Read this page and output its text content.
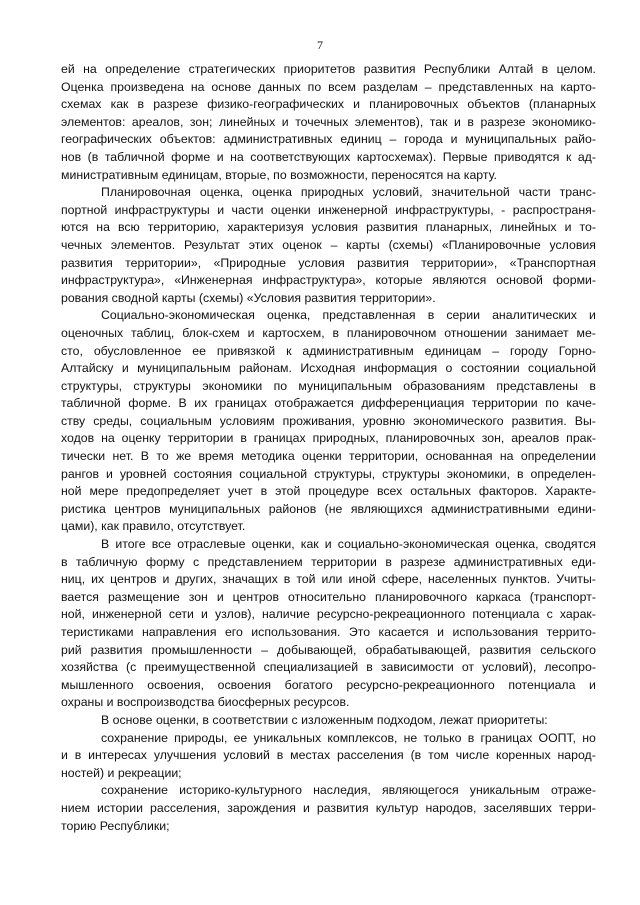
7
ей на определение стратегических приоритетов развития Республики Алтай в целом.
Оценка произведена на основе данных по всем разделам – представленных на карто-
схемах как в разрезе физико-географических и планировочных объектов (планарных
элементов: ареалов, зон; линейных и точечных элементов), так и в разрезе экономико-
географических объектов: административных единиц – города и муниципальных райо-
нов (в табличной форме и на соответствующих картосхемах). Первые приводятся к ад-
министративным единицам, вторые, по возможности, переносятся на карту.
Планировочная оценка, оценка природных условий, значительной части транс-
портной инфраструктуры и части оценки инженерной инфраструктуры, - распространя-
ются на всю территорию, характеризуя условия развития планарных, линейных и то-
чечных элементов. Результат этих оценок – карты (схемы) «Планировочные условия
развития территории», «Природные условия развития территории», «Транспортная
инфраструктура», «Инженерная инфраструктура», которые являются основой форми-
рования сводной карты (схемы) «Условия развития территории».
Социально-экономическая оценка, представленная в серии аналитических и
оценочных таблиц, блок-схем и картосхем, в планировочном отношении занимает ме-
сто, обусловленное ее привязкой к административным единицам – городу Горно-
Алтайску и муниципальным районам. Исходная информация о состоянии социальной
структуры, структуры экономики по муниципальным образованиям представлены в
табличной форме. В их границах отображается дифференциация территории по каче-
ству среды, социальным условиям проживания, уровню экономического развития. Вы-
ходов на оценку территории в границах природных, планировочных зон, ареалов прак-
тически нет. В то же время методика оценки территории, основанная на определении
рангов и уровней состояния социальной структуры, структуры экономики, в определен-
ной мере предопределяет учет в этой процедуре всех остальных факторов. Характе-
ристика центров муниципальных районов (не являющихся административными едини-
цами), как правило, отсутствует.
В итоге все отраслевые оценки, как и социально-экономическая оценка, сводятся
в табличную форму с представлением территории в разрезе административных еди-
ниц, их центров и других, значащих в той или иной сфере, населенных пунктов. Учиты-
вается размещение зон и центров относительно планировочного каркаса (транспорт-
ной, инженерной сети и узлов), наличие ресурсно-рекреационного потенциала с харак-
теристиками направления его использования. Это касается и использования террито-
рий развития промышленности – добывающей, обрабатывающей, развития сельского
хозяйства (с преимущественной специализацией в зависимости от условий), лесопро-
мышленного освоения, освоения богатого ресурсно-рекреационного потенциала и
охраны и воспроизводства биосферных ресурсов.
В основе оценки, в соответствии с изложенным подходом, лежат приоритеты:
сохранение природы, ее уникальных комплексов, не только в границах ООПТ, но
и в интересах улучшения условий в местах расселения (в том числе коренных народ-
ностей) и рекреации;
сохранение историко-культурного наследия, являющегося уникальным отраже-
нием истории расселения, зарождения и развития культур народов, заселявших терри-
торию Республики;
